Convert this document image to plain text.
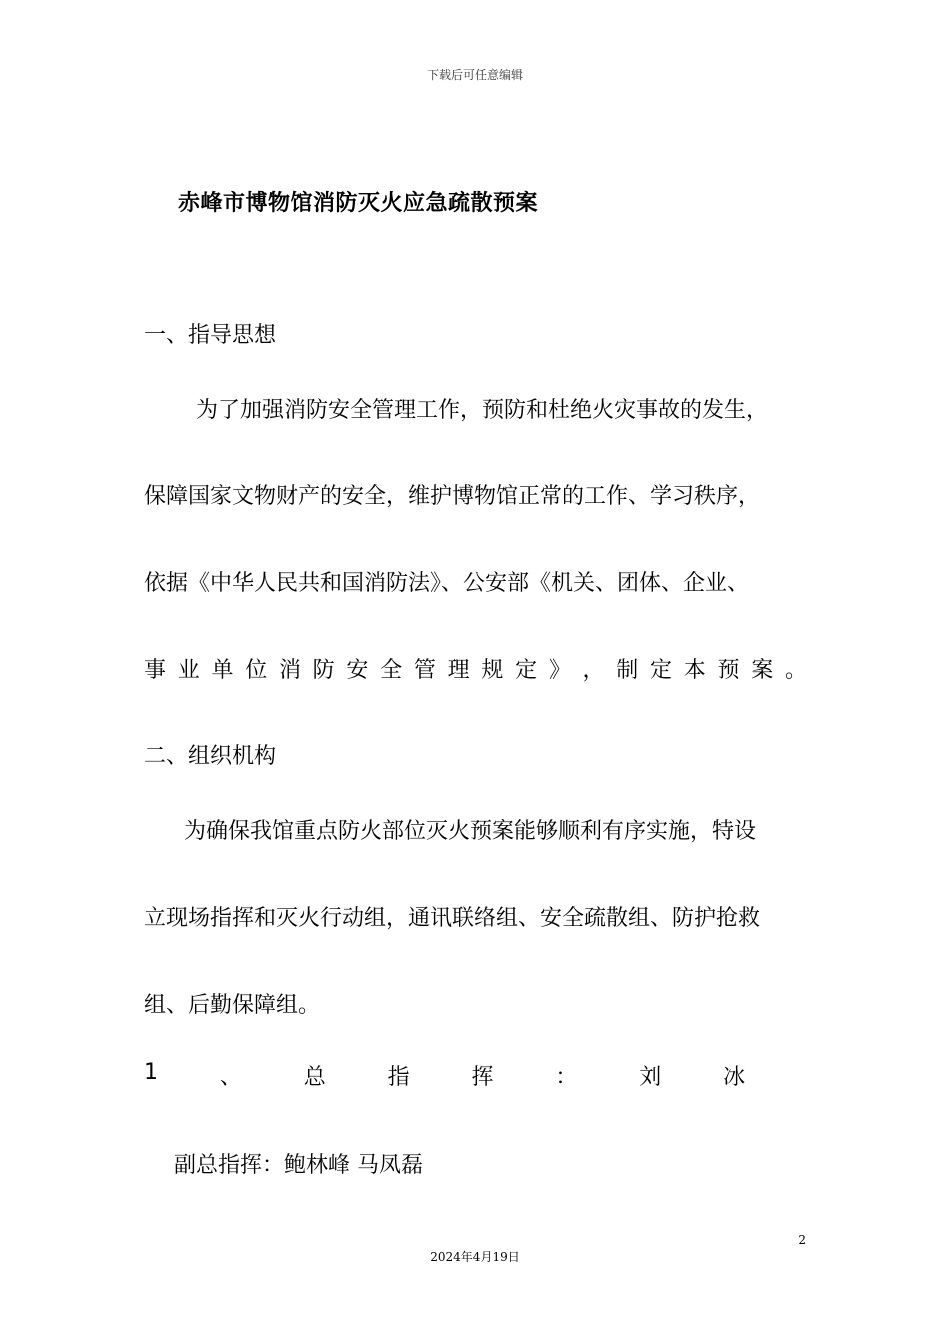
下载后可任意编辑
赤峰市博物馆消防灭火应急疏散预案
一、指导思想
为了加强消防安全管理工作，预防和杜绝火灾事故的发生，
保障国家文物财产的安全，维护博物馆正常的工作、学习秩序，
依据《中华人民共和国消防法》、公安部《机关、团体、企业、
事 业 单 位 消 防 安 全 管 理 规 定 》 ， 制 定 本 预 案 。
二、组织机构
为确保我馆重点防火部位灭火预案能够顺利有序实施，特设
立现场指挥和灭火行动组，通讯联络组、安全疏散组、防护抢救
组、后勤保障组。
1	、	总	指	挥	：	刘	冰
副总指挥：鲍林峰 马凤磊
2
2024年4月19日
